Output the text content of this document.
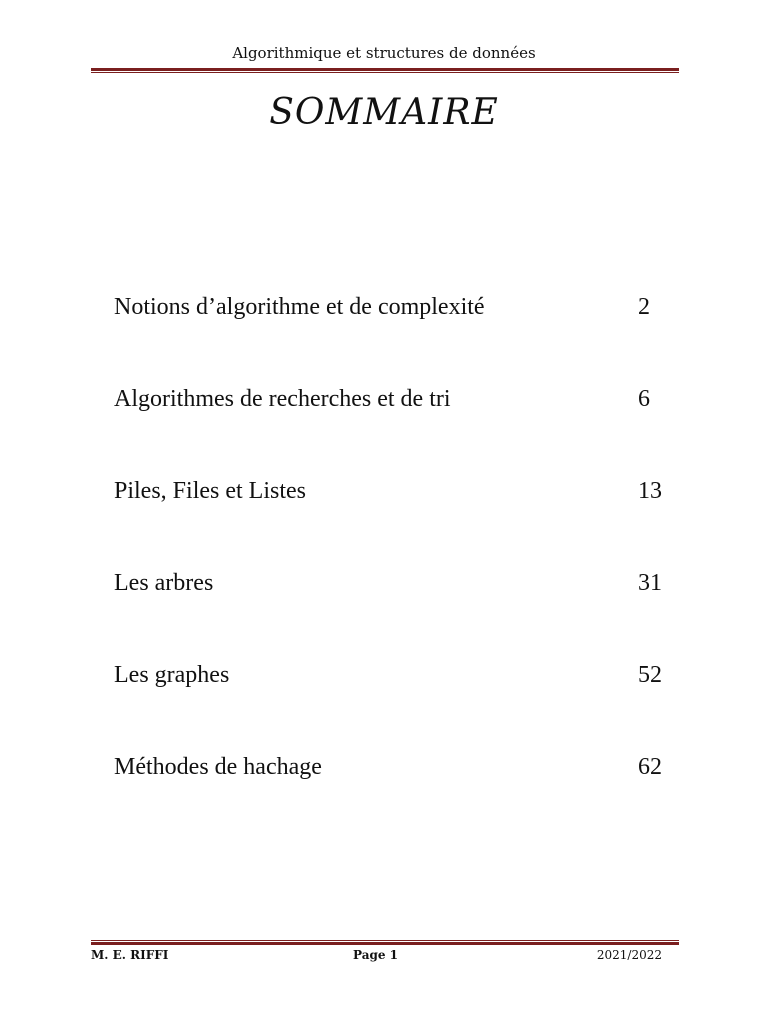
Algorithmique et structures de données
SOMMAIRE
Notions d’algorithme et de complexité	2
Algorithmes de recherches et de tri	6
Piles, Files et Listes	13
Les arbres	31
Les graphes	52
Méthodes de hachage	62
M. E. RIFFI	Page 1	2021/2022
